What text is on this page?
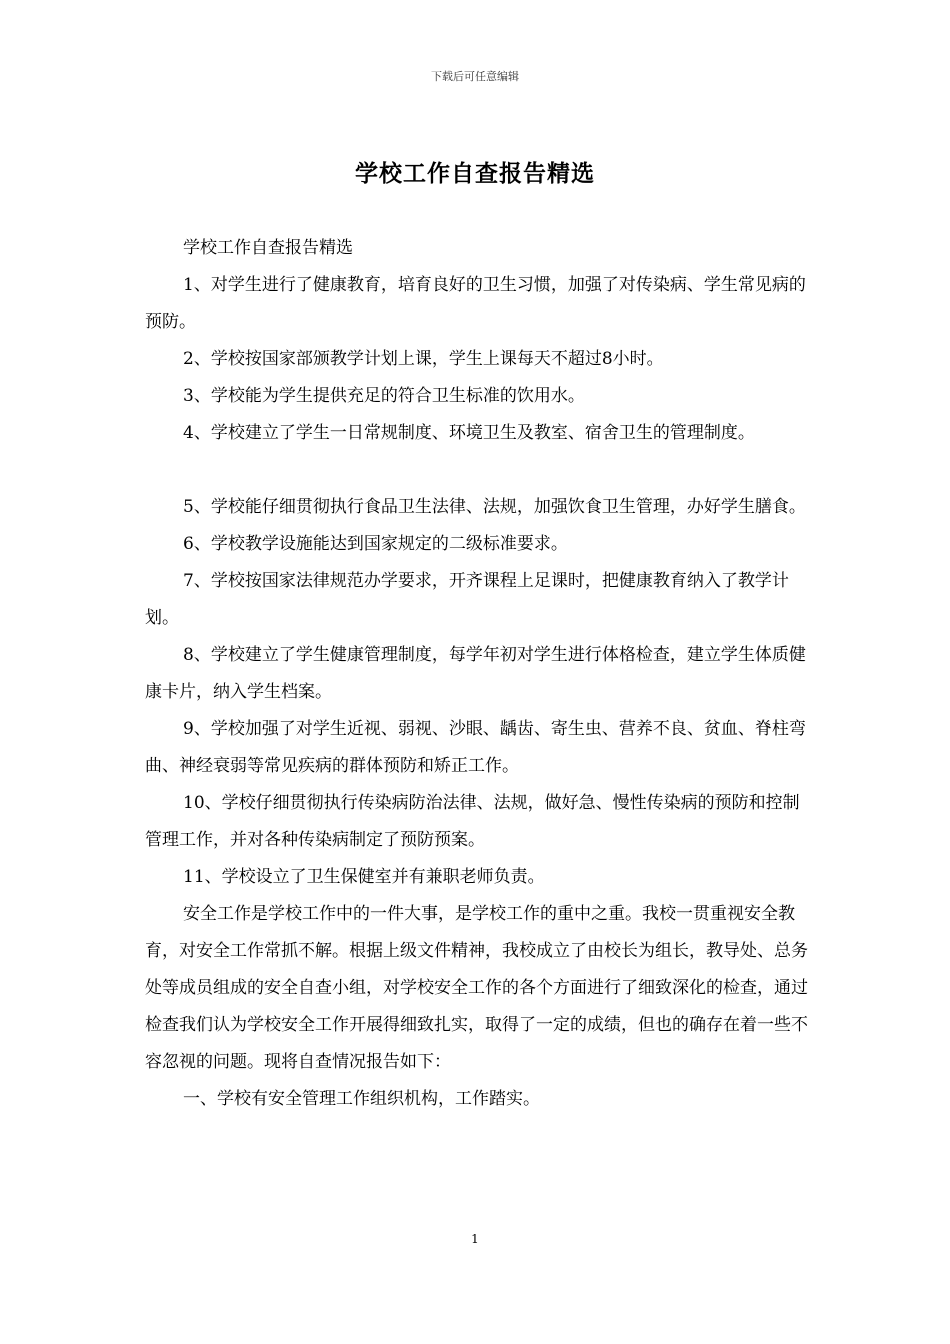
下载后可任意编辑
学校工作自查报告精选

学校工作自查报告精选

1、对学生进行了健康教育，培育良好的卫生习惯，加强了对传染病、学生常见病的预防。

2、学校按国家部颁教学计划上课，学生上课每天不超过8小时。

3、学校能为学生提供充足的符合卫生标准的饮用水。

4、学校建立了学生一日常规制度、环境卫生及教室、宿舍卫生的管理制度。

5、学校能仔细贯彻执行食品卫生法律、法规，加强饮食卫生管理，办好学生膳食。

6、学校教学设施能达到国家规定的二级标准要求。

7、学校按国家法律规范办学要求，开齐课程上足课时，把健康教育纳入了教学计划。

8、学校建立了学生健康管理制度，每学年初对学生进行体格检查，建立学生体质健康卡片，纳入学生档案。

9、学校加强了对学生近视、弱视、沙眼、龋齿、寄生虫、营养不良、贫血、脊柱弯曲、神经衰弱等常见疾病的群体预防和矫正工作。

10、学校仔细贯彻执行传染病防治法律、法规，做好急、慢性传染病的预防和控制管理工作，并对各种传染病制定了预防预案。

11、学校设立了卫生保健室并有兼职老师负责。

安全工作是学校工作中的一件大事，是学校工作的重中之重。我校一贯重视安全教育，对安全工作常抓不解。根据上级文件精神，我校成立了由校长为组长，教导处、总务处等成员组成的安全自查小组，对学校安全工作的各个方面进行了细致深化的检查，通过检查我们认为学校安全工作开展得细致扎实，取得了一定的成绩，但也的确存在着一些不容忽视的问题。现将自查情况报告如下：

一、学校有安全管理工作组织机构，工作踏实。

1
